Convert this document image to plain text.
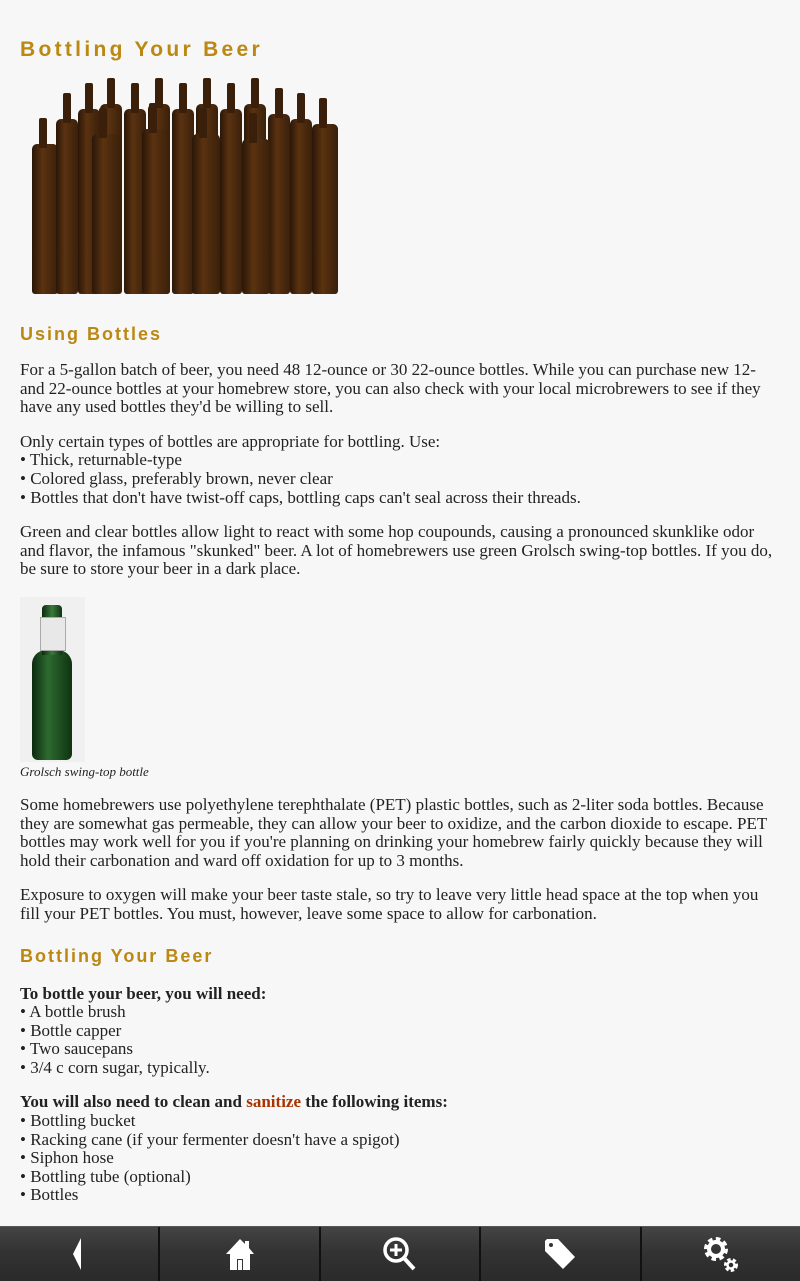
Bottling Your Beer
Using Bottles

For a 5-gallon batch of beer, you need 48 12-ounce or 30 22-ounce bottles. While you can purchase new 12- and 22-ounce bottles at your homebrew store, you can also check with your local microbrewers to see if they have any used bottles they'd be willing to sell.

Only certain types of bottles are appropriate for bottling. Use:
• Thick, returnable-type
• Colored glass, preferably brown, never clear
• Bottles that don't have twist-off caps, bottling caps can't seal across their threads.

Green and clear bottles allow light to react with some hop coupounds, causing a pronounced skunklike odor and flavor, the infamous "skunked" beer. A lot of homebrewers use green Grolsch swing-top bottles. If you do, be sure to store your beer in a dark place.

Grolsch swing-top bottle

Some homebrewers use polyethylene terephthalate (PET) plastic bottles, such as 2-liter soda bottles. Because they are somewhat gas permeable, they can allow your beer to oxidize, and the carbon dioxide to escape. PET bottles may work well for you if you're planning on drinking your homebrew fairly quickly because they will hold their carbonation and ward off oxidation for up to 3 months.

Exposure to oxygen will make your beer taste stale, so try to leave very little head space at the top when you fill your PET bottles. You must, however, leave some space to allow for carbonation.

Bottling Your Beer

To bottle your beer, you will need:
• A bottle brush
• Bottle capper
• Two saucepans
• 3/4 c corn sugar, typically.

You will also need to clean and sanitize the following items:
• Bottling bucket
• Racking cane (if your fermenter doesn't have a spigot)
• Siphon hose
• Bottling tube (optional)
• Bottles
